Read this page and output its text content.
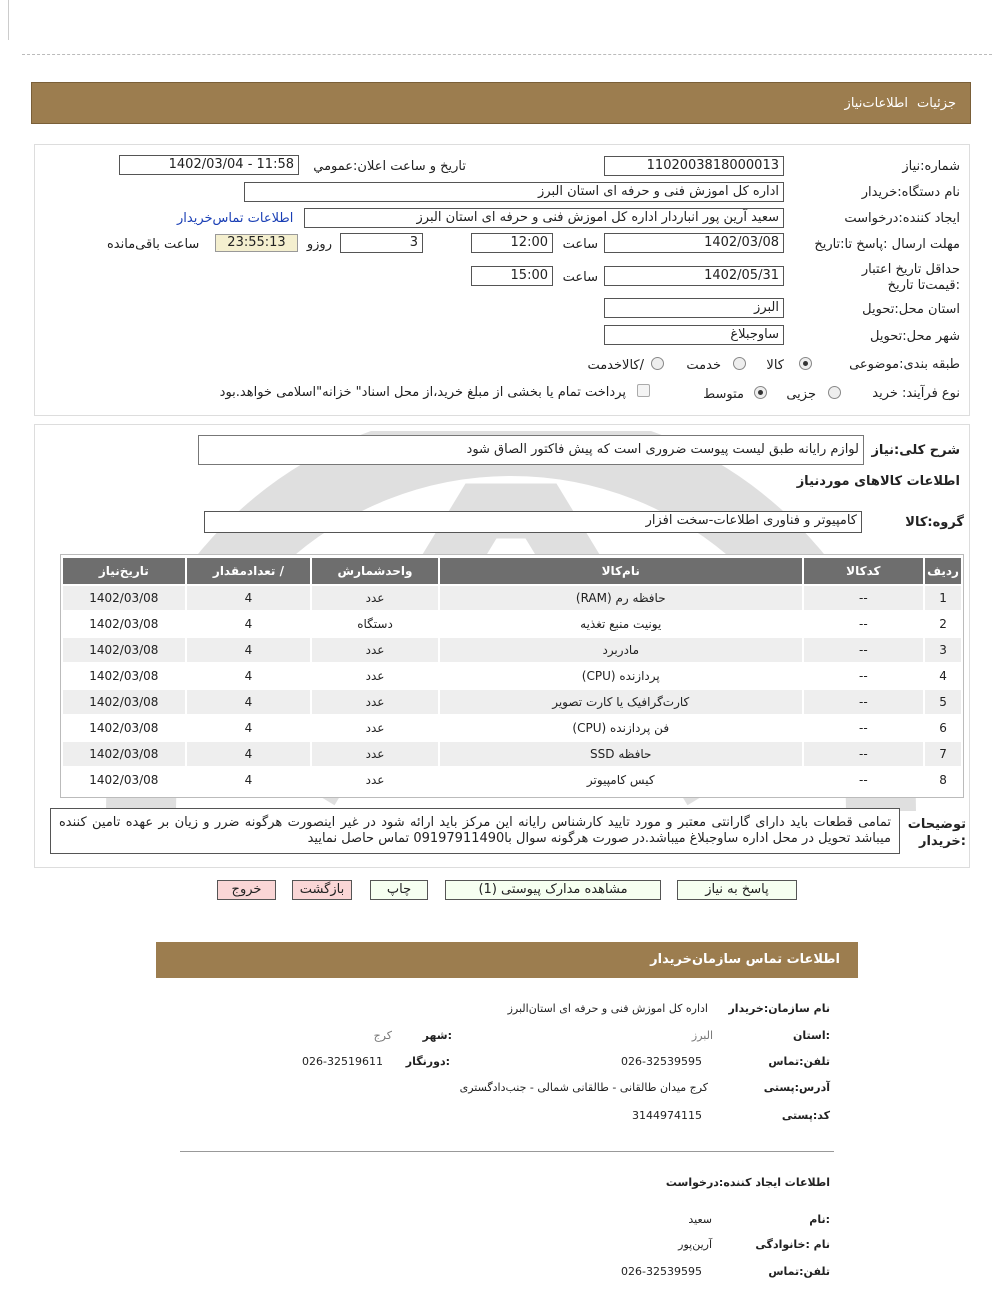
جزئیات
اطلاعات‌نیاز
شماره:نیاز
1102003818000013
تاریخ و ساعت اعلان:عمومي
1402/03/04 - 11:58
نام دستگاه:خریدار
اداره کل اموزش فنی و حرفه ای استان البرز
ایجاد کننده:درخواست
سعید آرین پور انباردار اداره کل اموزش فنی و حرفه ای استان البرز
اطلاعات تماس‌خریدار
مهلت ارسال :پاسخ تا:تاریخ
1402/03/08
ساعت
12:00
3
روزو
23:55:13
ساعت باقی‌مانده
حداقل تاریخ اعتبار :قیمت‌تا تاریخ
1402/05/31
ساعت
15:00
استان محل:تحویل
البرز
شهر محل:تحویل
ساوجبلاغ
طبقه بندی:موضوعی
کالا
خدمت
/کالاخدمت
نوع فرآیند: خرید
جزیی
متوسط
پرداخت تمام یا بخشی از مبلغ خرید،از محل اسناد" خزانه"اسلامی خواهد.بود
شرح کلی:نیاز
لوازم رایانه طبق لیست پیوست ضروری است که پیش فاکتور الصاق شود
اطلاعات کالاهای موردنیاز
گروه:کالا
کامپیوتر و فناوری اطلاعات-سخت افزار
ردیف	کدکالا	نام‌کالا	واحدشمارش	/ تعدادمقدار	تاریخ‌نیاز
1	--	حافظه رم (RAM)	عدد	4	1402/03/08
2	--	یونیت منبع تغذیه	دستگاه	4	1402/03/08
3	--	مادربرد	عدد	4	1402/03/08
4	--	پردازنده (CPU)	عدد	4	1402/03/08
5	--	کارت‌گرافیک یا کارت تصویر	عدد	4	1402/03/08
6	--	فن پردازنده (CPU)	عدد	4	1402/03/08
7	--	حافظه SSD	عدد	4	1402/03/08
8	--	کیس کامپیوتر	عدد	4	1402/03/08
توضیحات :خریدار
تمامی قطعات باید دارای گارانتی معتبر و مورد تایید کارشناس رایانه این مرکز باید ارائه شود در غیر اینصورت هرگونه ضرر و زیان بر عهده تامین کننده میباشد تحویل در محل اداره ساوجبلاغ میباشد.در صورت هرگونه سوال با09197911490 تماس حاصل نمایید
پاسخ به نیاز
مشاهده مدارک پیوستی (1)
چاپ
بازگشت
خروج
اطلاعات تماس سازمان‌خریدار
نام سازمان:خریدار
اداره کل اموزش فنی و حرفه ای استان‌البرز
:استان
البرز
:شهر
کرج
تلفن:تماس
026-32539595
:دورنگار
026-32519611
آدرس:پستی
کرج میدان طالقانی - طالقانی شمالی - جنب‌دادگستری
کد:پستی
3144974115
اطلاعات ایجاد کننده:درخواست
:نام
سعید
نام :خانوادگی
آرین‌پور
تلفن:تماس
026-32539595
